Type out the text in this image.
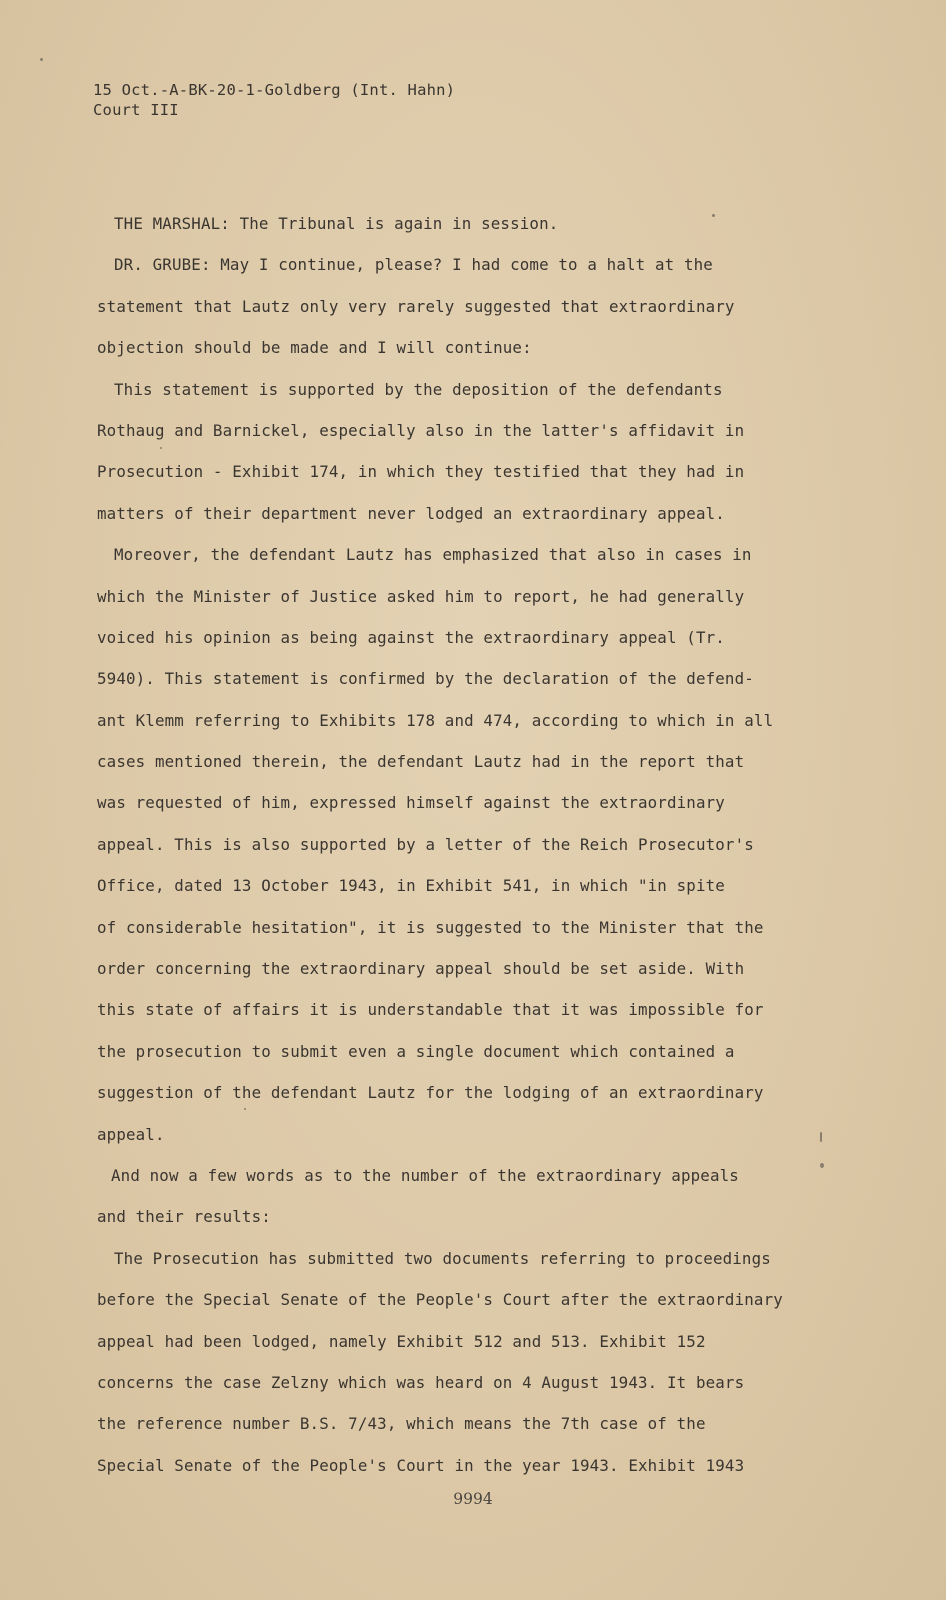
15 Oct.-A-BK-20-1-Goldberg (Int. Hahn)
Court III
THE MARSHAL: The Tribunal is again in session.
DR. GRUBE: May I continue, please? I had come to a halt at the
statement that Lautz only very rarely suggested that extraordinary
objection should be made and I will continue:
This statement is supported by the deposition of the defendants
Rothaug and Barnickel, especially also in the latter's affidavit in
Prosecution - Exhibit 174, in which they testified that they had in
matters of their department never lodged an extraordinary appeal.
Moreover, the defendant Lautz has emphasized that also in cases in
which the Minister of Justice asked him to report, he had generally
voiced his opinion as being against the extraordinary appeal (Tr.
5940). This statement is confirmed by the declaration of the defend-
ant Klemm referring to Exhibits 178 and 474, according to which in all
cases mentioned therein, the defendant Lautz had in the report that
was requested of him, expressed himself against the extraordinary
appeal. This is also supported by a letter of the Reich Prosecutor's
Office, dated 13 October 1943, in Exhibit 541, in which "in spite
of considerable hesitation", it is suggested to the Minister that the
order concerning the extraordinary appeal should be set aside. With
this state of affairs it is understandable that it was impossible for
the prosecution to submit even a single document which contained a
suggestion of the defendant Lautz for the lodging of an extraordinary
appeal.
And now a few words as to the number of the extraordinary appeals
and their results:
The Prosecution has submitted two documents referring to proceedings
before the Special Senate of the People's Court after the extraordinary
appeal had been lodged, namely Exhibit 512 and 513. Exhibit 152
concerns the case Zelzny which was heard on 4 August 1943. It bears
the reference number B.S. 7/43, which means the 7th case of the
Special Senate of the People's Court in the year 1943. Exhibit 1943
9994
